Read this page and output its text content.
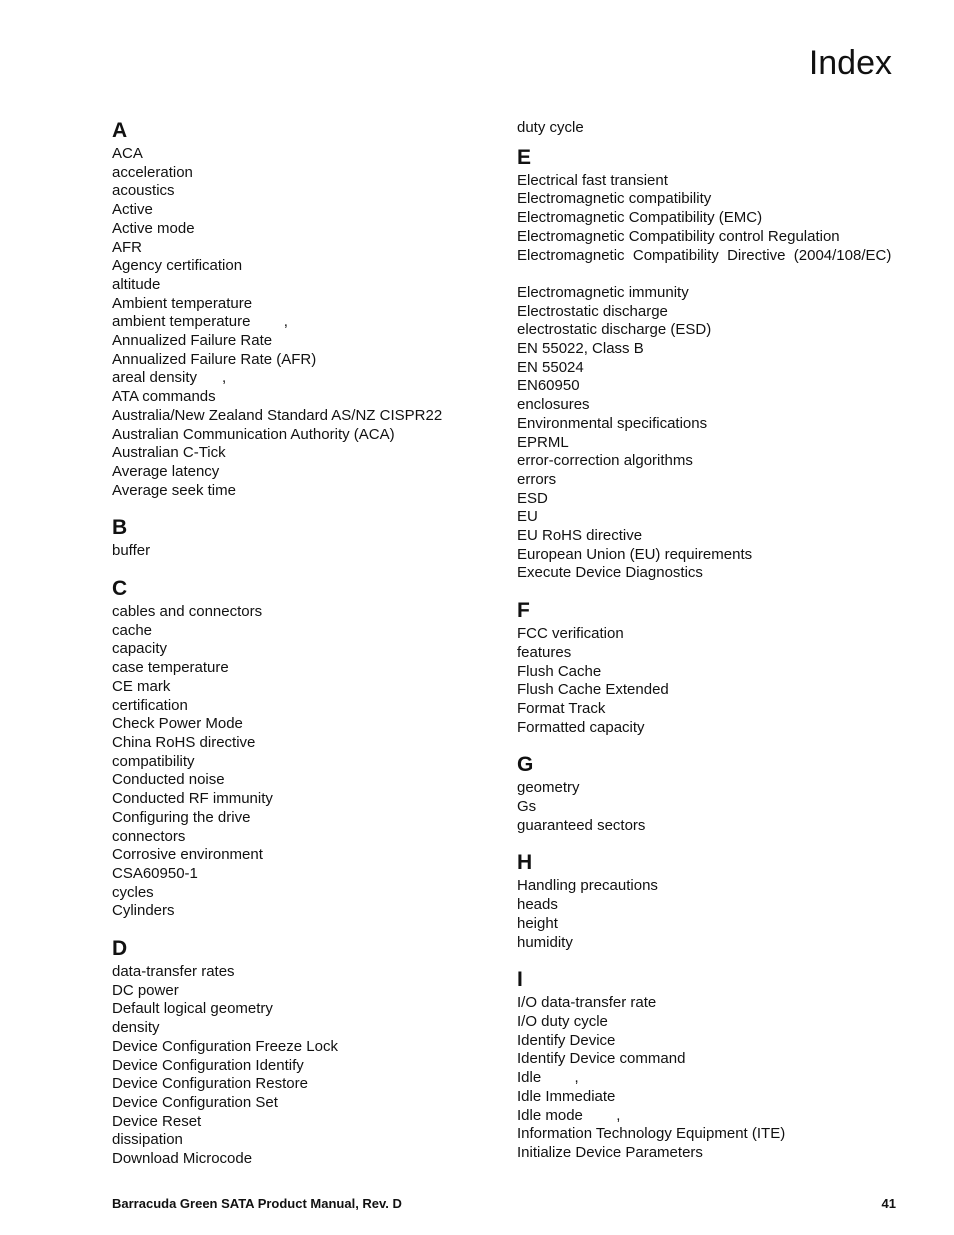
Index
A
ACA
acceleration
acoustics
Active
Active mode
AFR
Agency certification
altitude
Ambient temperature
ambient temperature        ,
Annualized Failure Rate
Annualized Failure Rate (AFR)
areal density      ,
ATA commands
Australia/New Zealand Standard AS/NZ CISPR22
Australian Communication Authority (ACA)
Australian C-Tick
Average latency
Average seek time
B
buffer
C
cables and connectors
cache
capacity
case temperature
CE mark
certification
Check Power Mode
China RoHS directive
compatibility
Conducted noise
Conducted RF immunity
Configuring the drive
connectors
Corrosive environment
CSA60950-1
cycles
Cylinders
D
data-transfer rates
DC power
Default logical geometry
density
Device Configuration Freeze Lock
Device Configuration Identify
Device Configuration Restore
Device Configuration Set
Device Reset
dissipation
Download Microcode
duty cycle
E
Electrical fast transient
Electromagnetic compatibility
Electromagnetic Compatibility (EMC)
Electromagnetic Compatibility control Regulation
Electromagnetic  Compatibility  Directive  (2004/108/EC)
Electromagnetic immunity
Electrostatic discharge
electrostatic discharge (ESD)
EN 55022, Class B
EN 55024
EN60950
enclosures
Environmental specifications
EPRML
error-correction algorithms
errors
ESD
EU
EU RoHS directive
European Union (EU) requirements
Execute Device Diagnostics
F
FCC verification
features
Flush Cache
Flush Cache Extended
Format Track
Formatted capacity
G
geometry
Gs
guaranteed sectors
H
Handling precautions
heads
height
humidity
I
I/O data-transfer rate
I/O duty cycle
Identify Device
Identify Device command
Idle        ,
Idle Immediate
Idle mode        ,
Information Technology Equipment (ITE)
Initialize Device Parameters
Barracuda Green SATA Product Manual, Rev. D	41
